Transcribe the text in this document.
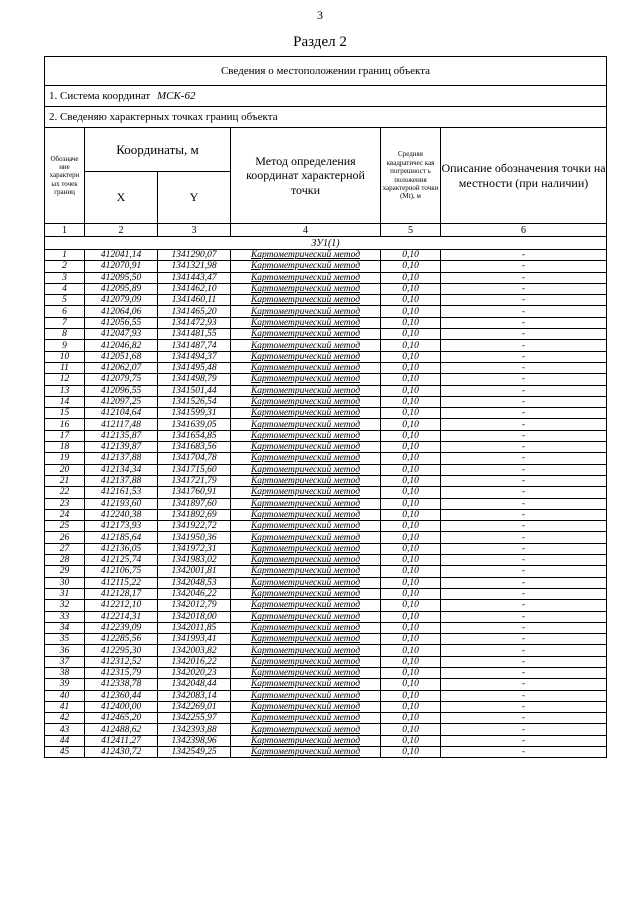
3
Раздел 2
Сведения о местоположении границ объекта					
1. Система координат МСК-62					
2. Сведеняю характерных точках границ объекта					
Обозначе ние характерн ых точек границ	Координаты, м		Метод определения координат характерной точки	Средняя квадратичес кая погрешност ь положения характерной точки (Mt), м	Описание обозначения точки на местности (при наличии)
	X	Y			
1	2	3	4	5	6
ЗУ1(1)					
1	412041,14	1341290,07	Картометрический метод	0,10	-
2	412070,91	1341321,98	Картометрический метод	0,10	-
3	412095,50	1341443,47	Картометрический метод	0,10	-
4	412095,89	1341462,10	Картометрический метод	0,10	-
5	412079,09	1341460,11	Картометрический метод	0,10	-
6	412064,06	1341465,20	Картометрический метод	0,10	-
7	412056,55	1341472,93	Картометрический метод	0,10	-
8	412047,93	1341481,55	Картометрический метод	0,10	-
9	412046,82	1341487,74	Картометрический метод	0,10	-
10	412051,68	1341494,37	Картометрический метод	0,10	-
11	412062,07	1341495,48	Картометрический метод	0,10	-
12	412079,75	1341498,79	Картометрический метод	0,10	-
13	412096,55	1341501,44	Картометрический метод	0,10	-
14	412097,25	1341526,54	Картометрический метод	0,10	-
15	412104,64	1341599,31	Картометрический метод	0,10	-
16	412117,48	1341639,05	Картометрический метод	0,10	-
17	412135,87	1341654,85	Картометрический метод	0,10	-
18	412139,87	1341683,56	Картометрический метод	0,10	-
19	412137,88	1341704,78	Картометрический метод	0,10	-
20	412134,34	1341715,60	Картометрический метод	0,10	-
21	412137,88	1341721,79	Картометрический метод	0,10	-
22	412161,53	1341760,91	Картометрический метод	0,10	-
23	412193,60	1341897,60	Картометрический метод	0,10	-
24	412240,38	1341892,69	Картометрический метод	0,10	-
25	412173,93	1341922,72	Картометрический метод	0,10	-
26	412185,64	1341950,36	Картометрический метод	0,10	-
27	412136,05	1341972,31	Картометрический метод	0,10	-
28	412125,74	1341983,02	Картометрический метод	0,10	-
29	412106,75	1342001,81	Картометрический метод	0,10	-
30	412115,22	1342048,53	Картометрический метод	0,10	-
31	412128,17	1342046,22	Картометрический метод	0,10	-
32	412212,10	1342012,79	Картометрический метод	0,10	-
33	412214,31	1342018,00	Картометрический метод	0,10	-
34	412239,09	1342011,85	Картометрический метод	0,10	-
35	412285,56	1341993,41	Картометрический метод	0,10	-
36	412295,30	1342003,82	Картометрический метод	0,10	-
37	412312,52	1342016,22	Картометрический метод	0,10	-
38	412315,79	1342020,23	Картометрический метод	0,10	-
39	412338,78	1342048,44	Картометрический метод	0,10	-
40	412360,44	1342083,14	Картометрический метод	0,10	-
41	412400,00	1342269,01	Картометрический метод	0,10	-
42	412465,20	1342255,97	Картометрический метод	0,10	-
43	412488,62	1342393,88	Картометрический метод	0,10	-
44	412411,27	1342398,96	Картометрический метод	0,10	-
45	412430,72	1342549,25	Картометрический метод	0,10	-
